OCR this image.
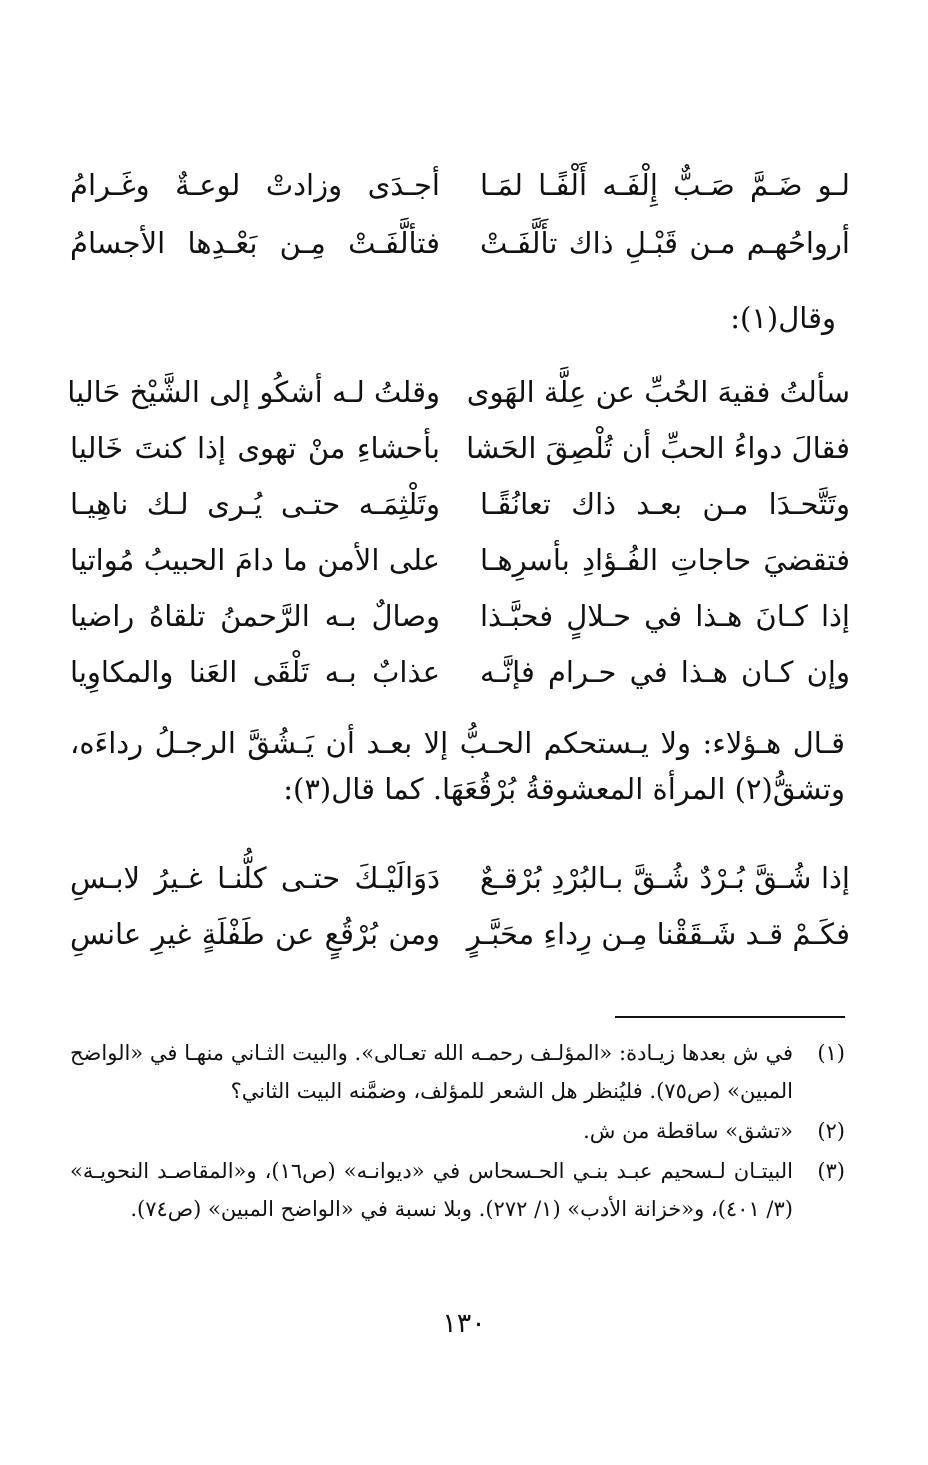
لـو ضَـمَّ صَـبٌّ إِلْفَـه أَلْفًـا لمَـا
أجـدَى وزادتْ لوعـةٌ وغَـرامُ
أرواحُهـم مـن قَبْـلِ ذاك تأَلَّفَـتْ
فتألَّفَـتْ مِـن بَعْـدِها الأجسامُ
وقال(١):
سألتُ فقيهَ الحُبِّ عن عِلَّة الهَوى
وقلتُ لـه أشكُو إلى الشَّيْخ حَاليا
فقالَ دواءُ الحبِّ أن تُلْصِقَ الحَشا
بأحشاءِ منْ تهوى إذا كنتَ خَاليا
وتَتَّحـدَا مـن بعـد ذاك تعانُقًـا
وتَلْثِمَـه حتـى يُـرى لـك ناهِيـا
فتقضيَ حاجاتِ الفُـؤادِ بأسرِهـا
على الأمن ما دامَ الحبيبُ مُواتيا
إذا كـانَ هـذا في حـلالٍ فحبَّـذا
وصالٌ بـه الرَّحمنُ تلقاهُ راضيا
وإن كـان هـذا في حـرام فإنَّـه
عذابٌ بـه تَلْقَى العَنا والمكاوِيا
قـال هـؤلاء: ولا يـستحكم الحـبُّ إلا بعـد أن يَـشُقَّ الرجـلُ رداءَه،
وتشقُّ(٢) المرأة المعشوقةُ بُرْقُعَهَا. كما قال(٣):
إذا شُـقَّ بُـرْدٌ شُـقَّ بـالبُرْدِ بُرْقـعٌ
دَوَالَيْـكَ حتـى كلُّنـا غـيرُ لابـسِ
فكَـمْ قـد شَـقَقْنا مِـن رِداءِ محَبَّـرٍ
ومن بُرْقُعٍ عن طَفْلَةٍ غيرِ عانسِ
(١)
في ش بعدها زيـادة: «المؤلـف رحمـه الله تعـالى». والبيت الثـاني منهـا في «الواضح المبين» (ص٧٥). فليُنظر هل الشعر للمؤلف، وضمَّنه البيت الثاني؟
(٢)
«تشق» ساقطة من ش.
(٣)
البيتـان لـسحيم عبـد بنـي الحـسحاس في «ديوانـه» (ص١٦)، و«المقاصـد النحويـة» (٣/ ٤٠١)، و«خزانة الأدب» (١/ ٢٧٢). وبلا نسبة في «الواضح المبين» (ص٧٤).
١٣٠
